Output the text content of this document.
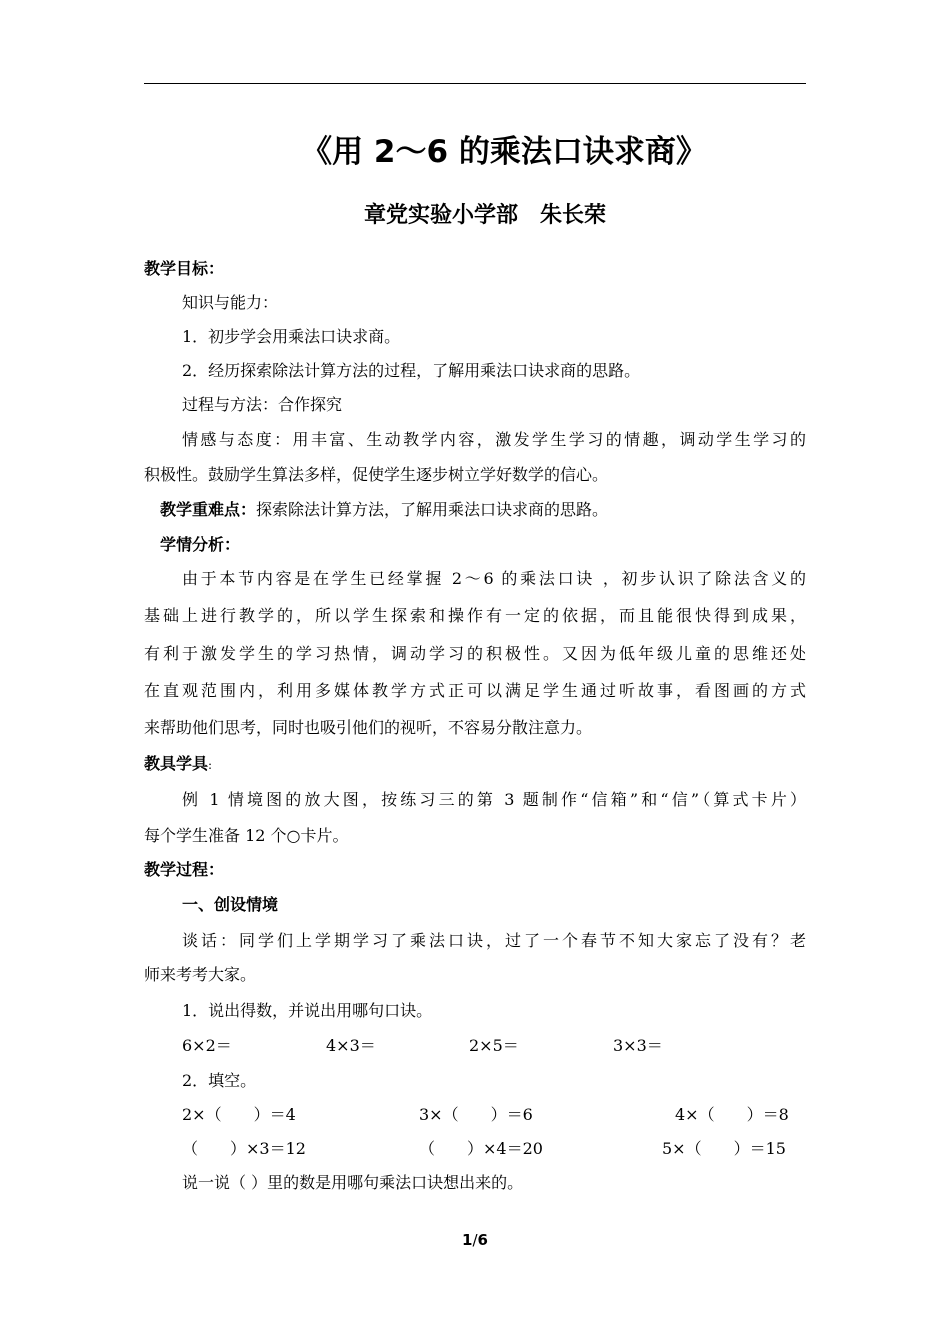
《用 2～6 的乘法口诀求商》
章党实验小学部　朱长荣
教学目标：
知识与能力：
1．初步学会用乘法口诀求商。
2．经历探索除法计算方法的过程，了解用乘法口诀求商的思路。
过程与方法：合作探究
情感与态度：用丰富、生动教学内容，激发学生学习的情趣，调动学生学习的
积极性。鼓励学生算法多样，促使学生逐步树立学好数学的信心。
教学重难点：探索除法计算方法，了解用乘法口诀求商的思路。
学情分析：
由于本节内容是在学生已经掌握 2～6 的乘法口诀 ，初步认识了除法含义的
基础上进行教学的，所以学生探索和操作有一定的依据，而且能很快得到成果，
有利于激发学生的学习热情，调动学习的积极性。又因为低年级儿童的思维还处
在直观范围内，利用多媒体教学方式正可以满足学生通过听故事，看图画的方式
来帮助他们思考，同时也吸引他们的视听，不容易分散注意力。
教具学具:
例 1 情境图的放大图，按练习三的第 3 题制作“信箱”和“信”（算式卡片）
每个学生准备 12 个○卡片。
教学过程：
一、创设情境
谈话：同学们上学期学习了乘法口诀，过了一个春节不知大家忘了没有？老
师来考考大家。
1．说出得数，并说出用哪句口诀。
6×2＝	4×3＝	2×5＝	3×3＝
2．填空。
2×（　　）＝4	3×（　　）＝6	4×（　　）＝8
（　　）×3＝12	（　　）×4＝20	5×（　　）＝15
说一说（ ）里的数是用哪句乘法口诀想出来的。
1/6
